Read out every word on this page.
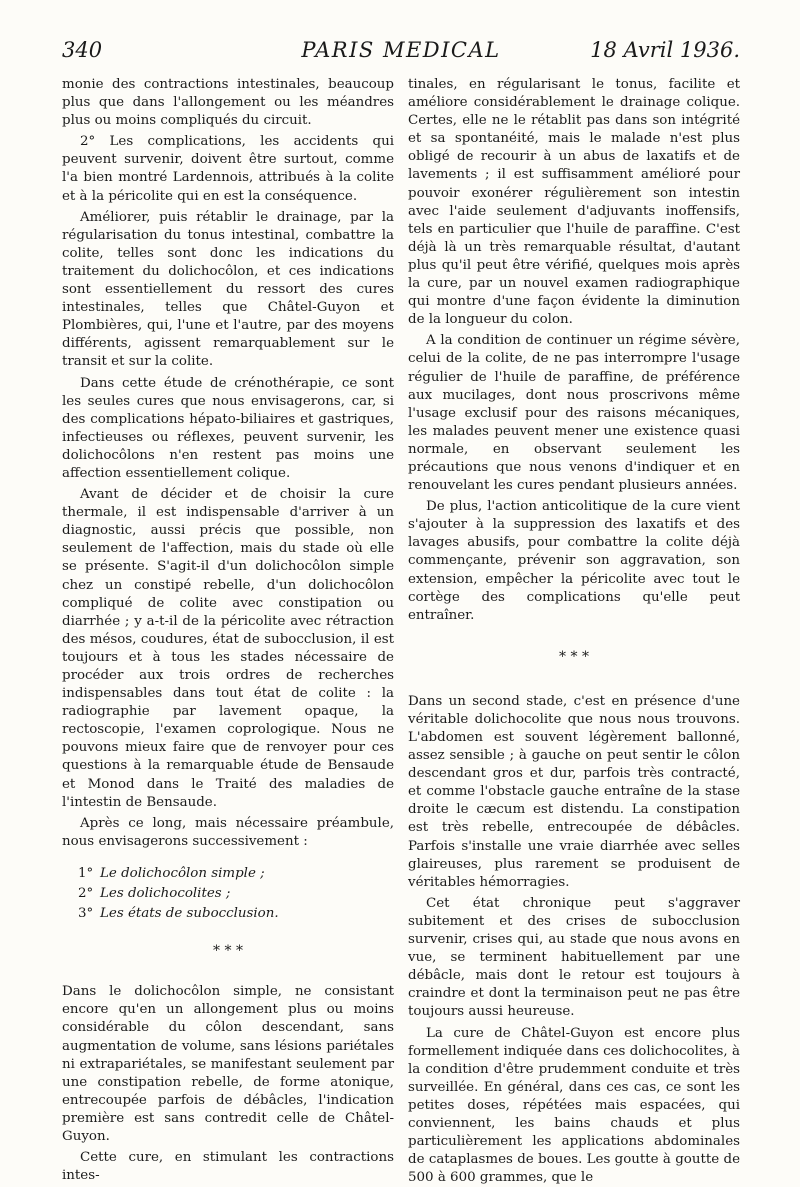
340	PARIS MEDICAL	18 Avril 1936.

monie des contractions intestinales, beaucoup plus que dans l'allongement ou les méandres plus ou moins compliqués du circuit.

2° Les complications, les accidents qui peuvent survenir, doivent être surtout, comme l'a bien montré Lardennois, attribués à la colite et à la péricolite qui en est la conséquence.

Améliorer, puis rétablir le drainage, par la régularisation du tonus intestinal, combattre la colite, telles sont donc les indications du traitement du dolichocôlon, et ces indications sont essentiellement du ressort des cures intestinales, telles que Châtel-Guyon et Plombières, qui, l'une et l'autre, par des moyens différents, agissent remarquablement sur le transit et sur la colite.

Dans cette étude de crénothérapie, ce sont les seules cures que nous envisagerons, car, si des complications hépato-biliaires et gastriques, infectieuses ou réflexes, peuvent survenir, les dolichocôlons n'en restent pas moins une affection essentiellement colique.

Avant de décider et de choisir la cure thermale, il est indispensable d'arriver à un diagnostic, aussi précis que possible, non seulement de l'affection, mais du stade où elle se présente. S'agit-il d'un dolichocôlon simple chez un constipé rebelle, d'un dolichocôlon compliqué de colite avec constipation ou diarrhée ; y a-t-il de la péricolite avec rétraction des mésos, coudures, état de subocclusion, il est toujours et à tous les stades nécessaire de procéder aux trois ordres de recherches indispensables dans tout état de colite : la radiographie par lavement opaque, la rectoscopie, l'examen coprologique. Nous ne pouvons mieux faire que de renvoyer pour ces questions à la remarquable étude de Bensaude et Monod dans le Traité des maladies de l'intestin de Bensaude.

Après ce long, mais nécessaire préambule, nous envisagerons successivement :

1° Le dolichocôlon simple ;
2° Les dolichocolites ;
3° Les états de subocclusion.
* * *

Dans le dolichocôlon simple, ne consistant encore qu'en un allongement plus ou moins considérable du côlon descendant, sans augmentation de volume, sans lésions pariétales ni extrapariétales, se manifestant seulement par une constipation rebelle, de forme atonique, entrecoupée parfois de débâcles, l'indication première est sans contredit celle de Châtel-Guyon.

Cette cure, en stimulant les contractions intes-

tinales, en régularisant le tonus, facilite et améliore considérablement le drainage colique. Certes, elle ne le rétablit pas dans son intégrité et sa spontanéité, mais le malade n'est plus obligé de recourir à un abus de laxatifs et de lavements ; il est suffisamment amélioré pour pouvoir exonérer régulièrement son intestin avec l'aide seulement d'adjuvants inoffensifs, tels en particulier que l'huile de paraffine. C'est déjà là un très remarquable résultat, d'autant plus qu'il peut être vérifié, quelques mois après la cure, par un nouvel examen radiographique qui montre d'une façon évidente la diminution de la longueur du colon.

A la condition de continuer un régime sévère, celui de la colite, de ne pas interrompre l'usage régulier de l'huile de paraffine, de préférence aux mucilages, dont nous proscrivons même l'usage exclusif pour des raisons mécaniques, les malades peuvent mener une existence quasi normale, en observant seulement les précautions que nous venons d'indiquer et en renouvelant les cures pendant plusieurs années.

De plus, l'action anticolitique de la cure vient s'ajouter à la suppression des laxatifs et des lavages abusifs, pour combattre la colite déjà commençante, prévenir son aggravation, son extension, empêcher la péricolite avec tout le cortège des complications qu'elle peut entraîner.

* * *

Dans un second stade, c'est en présence d'une véritable dolichocolite que nous nous trouvons. L'abdomen est souvent légèrement ballonné, assez sensible ; à gauche on peut sentir le côlon descendant gros et dur, parfois très contracté, et comme l'obstacle gauche entraîne de la stase droite le cæcum est distendu. La constipation est très rebelle, entrecoupée de débâcles. Parfois s'installe une vraie diarrhée avec selles glaireuses, plus rarement se produisent de véritables hémorragies.

Cet état chronique peut s'aggraver subitement et des crises de subocclusion survenir, crises qui, au stade que nous avons en vue, se terminent habituellement par une débâcle, mais dont le retour est toujours à craindre et dont la terminaison peut ne pas être toujours aussi heureuse.

La cure de Châtel-Guyon est encore plus formellement indiquée dans ces dolichocolites, à la condition d'être prudemment conduite et très surveillée. En général, dans ces cas, ce sont les petites doses, répétées mais espacées, qui conviennent, les bains chauds et plus particulièrement les applications abdominales de cataplasmes de boues. Les goutte à goutte de 500 à 600 grammes, que le
